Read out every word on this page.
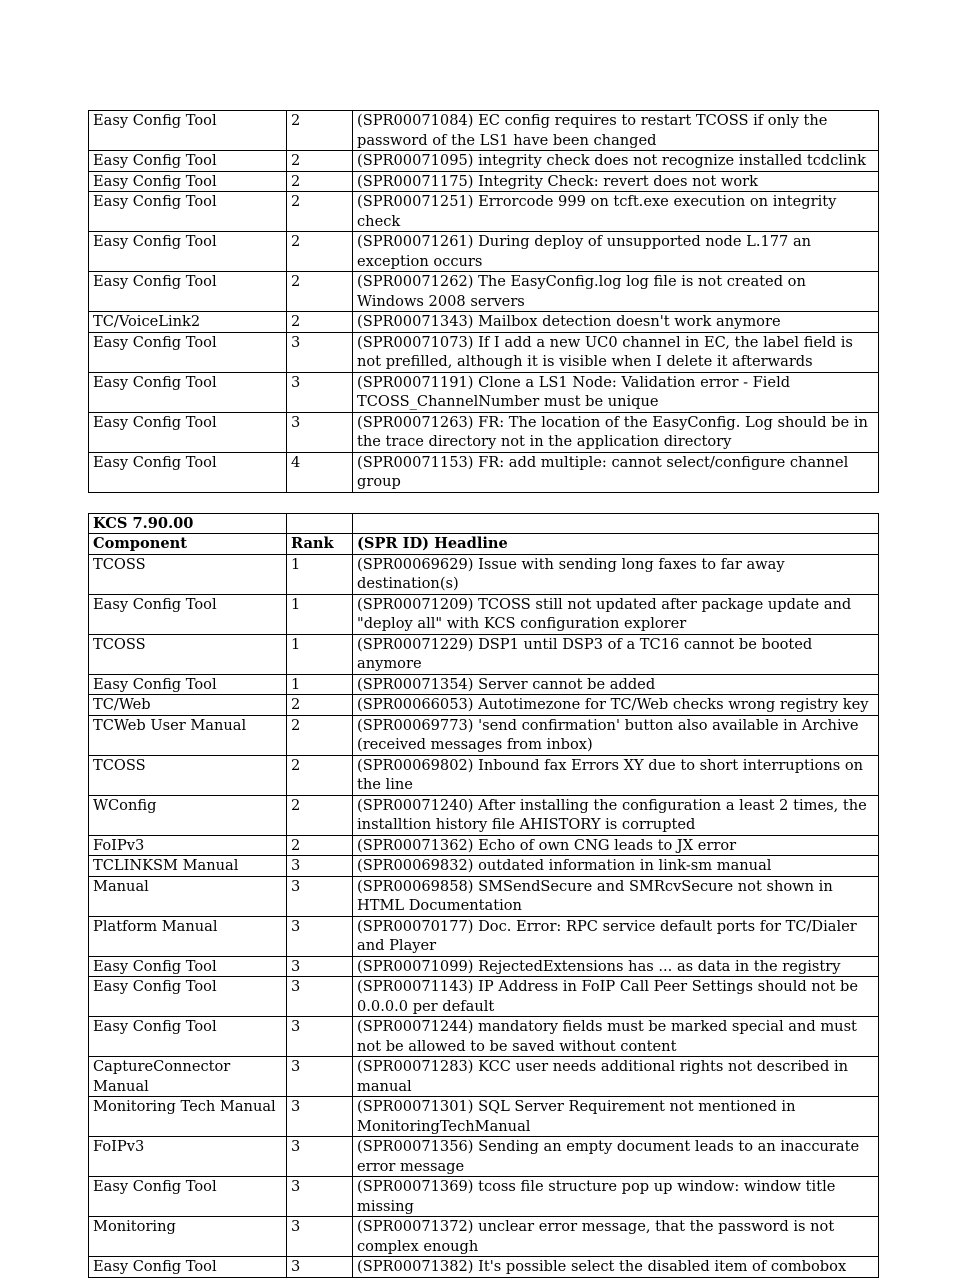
Easy Config Tool	2	(SPR00071084) EC config requires to restart TCOSS if only the password of the LS1 have been changed
Easy Config Tool	2	(SPR00071095) integrity check does not recognize installed tcdclink
Easy Config Tool	2	(SPR00071175) Integrity Check: revert does not work
Easy Config Tool	2	(SPR00071251) Errorcode 999 on tcft.exe execution on integrity check
Easy Config Tool	2	(SPR00071261) During deploy of unsupported node L.177 an exception occurs
Easy Config Tool	2	(SPR00071262) The EasyConfig.log log file is not created on Windows 2008 servers
TC/VoiceLink2	2	(SPR00071343) Mailbox detection doesn't work anymore
Easy Config Tool	3	(SPR00071073) If I add a new UC0 channel in EC, the label field is not prefilled, although it is visible when I delete it afterwards
Easy Config Tool	3	(SPR00071191) Clone a LS1 Node: Validation error - Field TCOSS_ChannelNumber must be unique
Easy Config Tool	3	(SPR00071263) FR: The location of the EasyConfig. Log should be in the trace directory not in the application directory
Easy Config Tool	4	(SPR00071153) FR: add multiple: cannot select/configure channel group
KCS 7.90.00		
Component	Rank	(SPR ID) Headline
TCOSS	1	(SPR00069629) Issue with sending long faxes to far away destination(s)
Easy Config Tool	1	(SPR00071209) TCOSS still not updated after package update and "deploy all" with KCS configuration explorer
TCOSS	1	(SPR00071229) DSP1 until DSP3 of a TC16 cannot be booted anymore
Easy Config Tool	1	(SPR00071354) Server cannot be added
TC/Web	2	(SPR00066053) Autotimezone for TC/Web checks wrong registry key
TCWeb User Manual	2	(SPR00069773) 'send confirmation' button also available in Archive (received messages from inbox)
TCOSS	2	(SPR00069802) Inbound fax Errors XY due to short interruptions on the line
WConfig	2	(SPR00071240) After installing the configuration a least 2 times, the installtion history file AHISTORY is corrupted
FoIPv3	2	(SPR00071362) Echo of own CNG leads to JX error
TCLINKSM Manual	3	(SPR00069832) outdated information in link-sm manual
Manual	3	(SPR00069858) SMSendSecure and SMRcvSecure not shown in HTML Documentation
Platform Manual	3	(SPR00070177) Doc. Error: RPC service default ports for TC/Dialer and Player
Easy Config Tool	3	(SPR00071099) RejectedExtensions has ... as data in the registry
Easy Config Tool	3	(SPR00071143) IP Address in FoIP Call Peer Settings should not be 0.0.0.0 per default
Easy Config Tool	3	(SPR00071244) mandatory fields must be marked special and must not be allowed to be saved without content
CaptureConnector Manual	3	(SPR00071283) KCC user needs additional rights not described in manual
Monitoring Tech Manual	3	(SPR00071301) SQL Server Requirement not mentioned in MonitoringTechManual
FoIPv3	3	(SPR00071356) Sending an empty document leads to an inaccurate error message
Easy Config Tool	3	(SPR00071369) tcoss file structure pop up window: window title missing
Monitoring	3	(SPR00071372) unclear error message, that the password is not complex enough
Easy Config Tool	3	(SPR00071382) It's possible select the disabled item of combobox
